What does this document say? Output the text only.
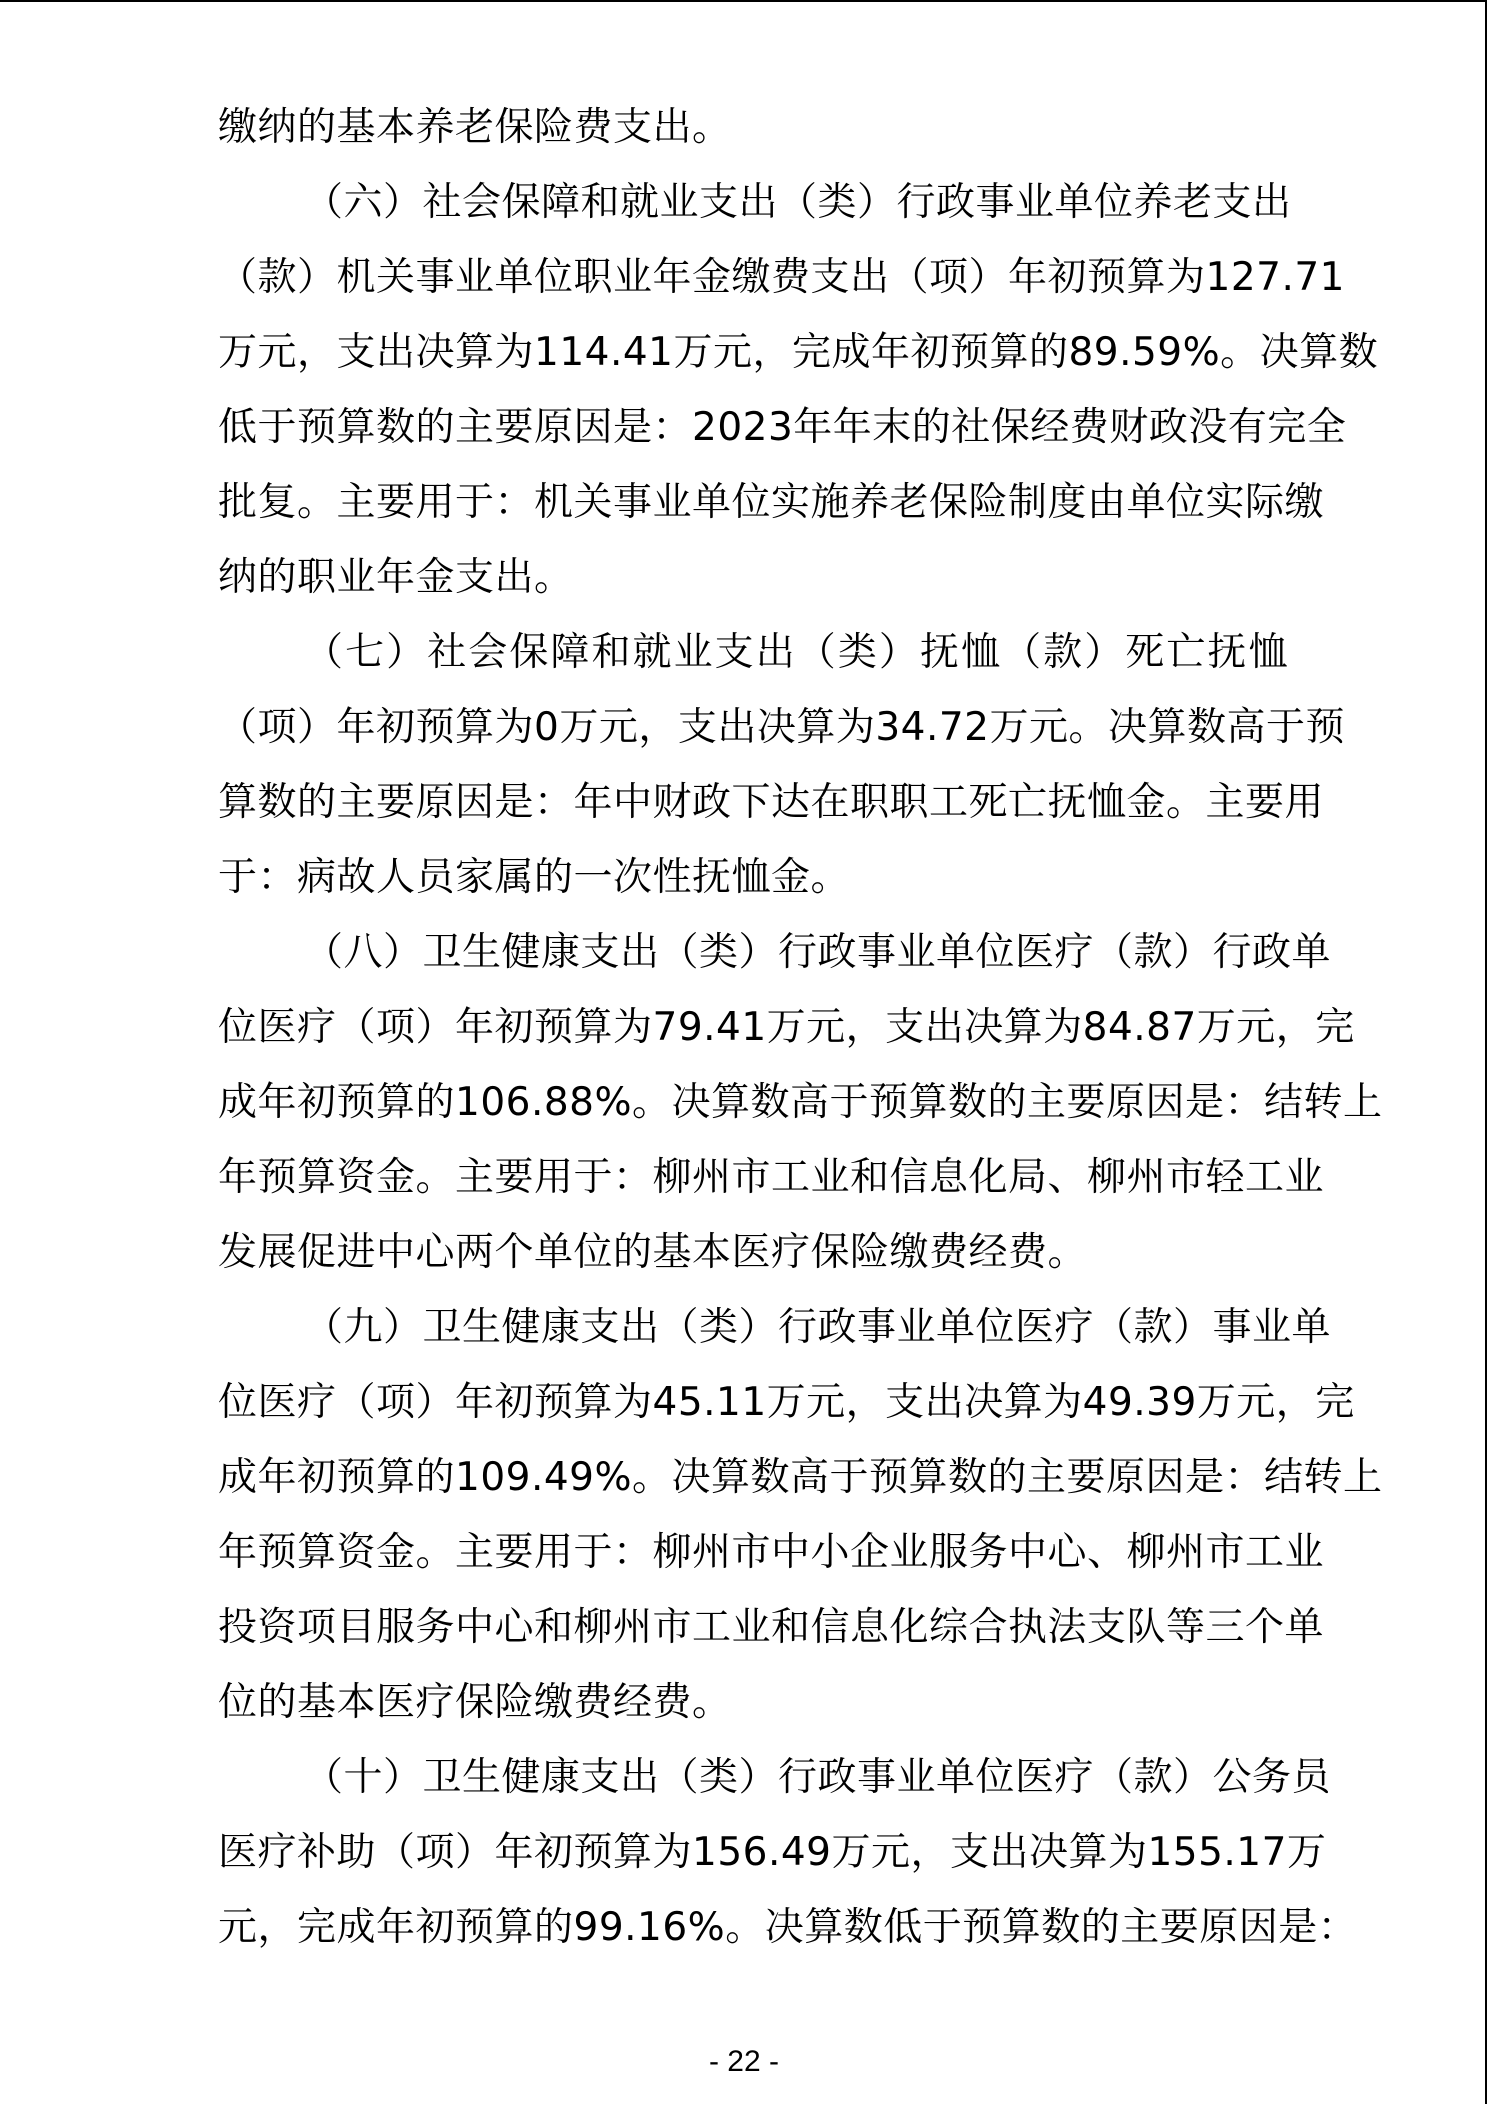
缴纳的基本养老保险费支出。
（六）社会保障和就业支出（类）行政事业单位养老支出
（款）机关事业单位职业年金缴费支出（项）年初预算为127.71
万元，支出决算为114.41万元，完成年初预算的89.59%。决算数
低于预算数的主要原因是：2023年年末的社保经费财政没有完全
批复。主要用于：机关事业单位实施养老保险制度由单位实际缴
纳的职业年金支出。
（七）社会保障和就业支出（类）抚恤（款）死亡抚恤
（项）年初预算为0万元，支出决算为34.72万元。决算数高于预
算数的主要原因是：年中财政下达在职职工死亡抚恤金。主要用
于：病故人员家属的一次性抚恤金。
（八）卫生健康支出（类）行政事业单位医疗（款）行政单
位医疗（项）年初预算为79.41万元，支出决算为84.87万元，完
成年初预算的106.88%。决算数高于预算数的主要原因是：结转上
年预算资金。主要用于：柳州市工业和信息化局、柳州市轻工业
发展促进中心两个单位的基本医疗保险缴费经费。
（九）卫生健康支出（类）行政事业单位医疗（款）事业单
位医疗（项）年初预算为45.11万元，支出决算为49.39万元，完
成年初预算的109.49%。决算数高于预算数的主要原因是：结转上
年预算资金。主要用于：柳州市中小企业服务中心、柳州市工业
投资项目服务中心和柳州市工业和信息化综合执法支队等三个单
位的基本医疗保险缴费经费。
（十）卫生健康支出（类）行政事业单位医疗（款）公务员
医疗补助（项）年初预算为156.49万元，支出决算为155.17万
元，完成年初预算的99.16%。决算数低于预算数的主要原因是：
- 22 -
